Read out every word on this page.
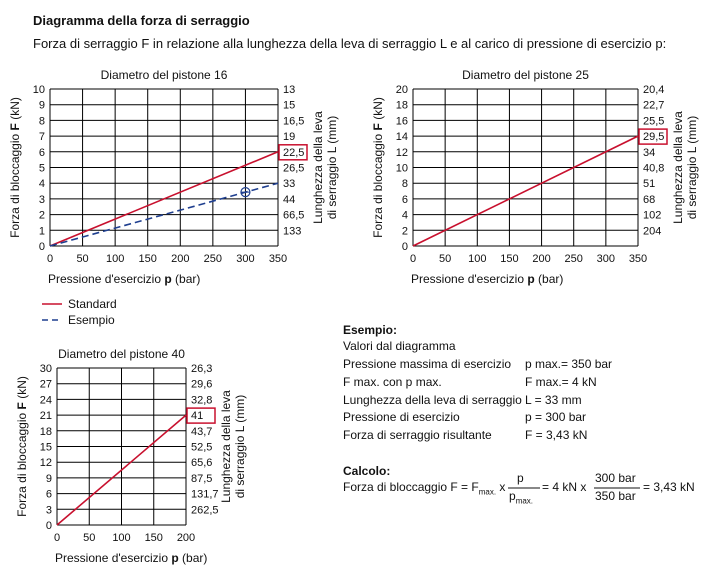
Diagramma della forza di serraggio
Forza di serraggio F in relazione alla lunghezza della leva di serraggio L e al carico di pressione di esercizio p:
Diametro del pistone 16
0
1
2
3
4
5
6
7
8
9
10
0 50 100 150 200 250 300 350
133
66,5
44
33
26,5
22,5
19
16,5
15
13
Pressione d'esercizio p (bar)
Forza di bloccaggio F (kN)
Lunghezza della leva di serraggio L (mm)
Diametro del pistone 25
0
2
4
6
8
10
12
14
16
18
20
0 50 100 150 200 250 300 350
204
102
68
51
40,8
34
29,5
25,5
22,7
20,4
Pressione d'esercizio p (bar)
Forza di bloccaggio F (kN)
Lunghezza della leva di serraggio L (mm)
Diametro del pistone 40
0
3
6
9
12
15
18
21
24
27
30
0 50 100 150 200
262,5
131,7
87,5
65,6
52,5
43,7
41
32,8
29,6
26,3
Pressione d'esercizio p (bar)
Forza di bloccaggio F (kN)
Lunghezza della leva di serraggio L (mm)
Standard
Esempio
Esempio:
Valori dal diagramma
Pressione massima di esercizio p max.= 350 bar
F max. con p max.	F max.= 4 kN
Lunghezza della leva di serraggio L = 33 mm
Pressione di esercizio	p = 300 bar
Forza di serraggio risultante	F = 3,43 kN
Calcolo:
Forza di bloccaggio $F = F_{max.}$ x
p
$p_{max.}$
= 4 kN x
300 bar
350 bar
= 3,43 kN
